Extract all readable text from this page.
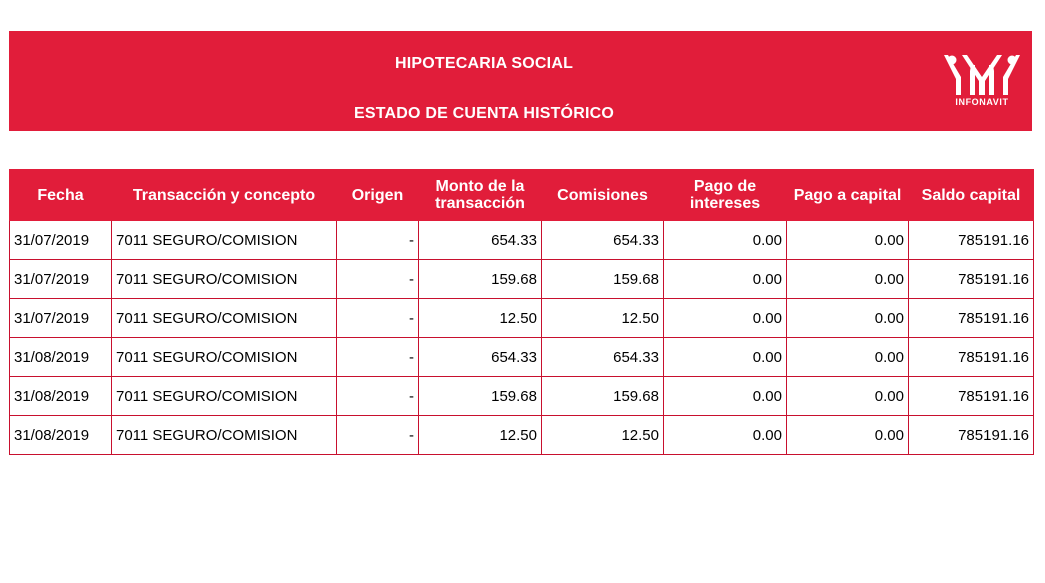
HIPOTECARIA SOCIAL
ESTADO DE CUENTA HISTÓRICO
INFONAVIT
Fecha	Transacción y concepto	Origen	Monto de la transacción	Comisiones	Pago de intereses	Pago a capital	Saldo capital
31/07/2019	7011 SEGURO/COMISION	-	654.33	654.33	0.00	0.00	785191.16
31/07/2019	7011 SEGURO/COMISION	-	159.68	159.68	0.00	0.00	785191.16
31/07/2019	7011 SEGURO/COMISION	-	12.50	12.50	0.00	0.00	785191.16
31/08/2019	7011 SEGURO/COMISION	-	654.33	654.33	0.00	0.00	785191.16
31/08/2019	7011 SEGURO/COMISION	-	159.68	159.68	0.00	0.00	785191.16
31/08/2019	7011 SEGURO/COMISION	-	12.50	12.50	0.00	0.00	785191.16
